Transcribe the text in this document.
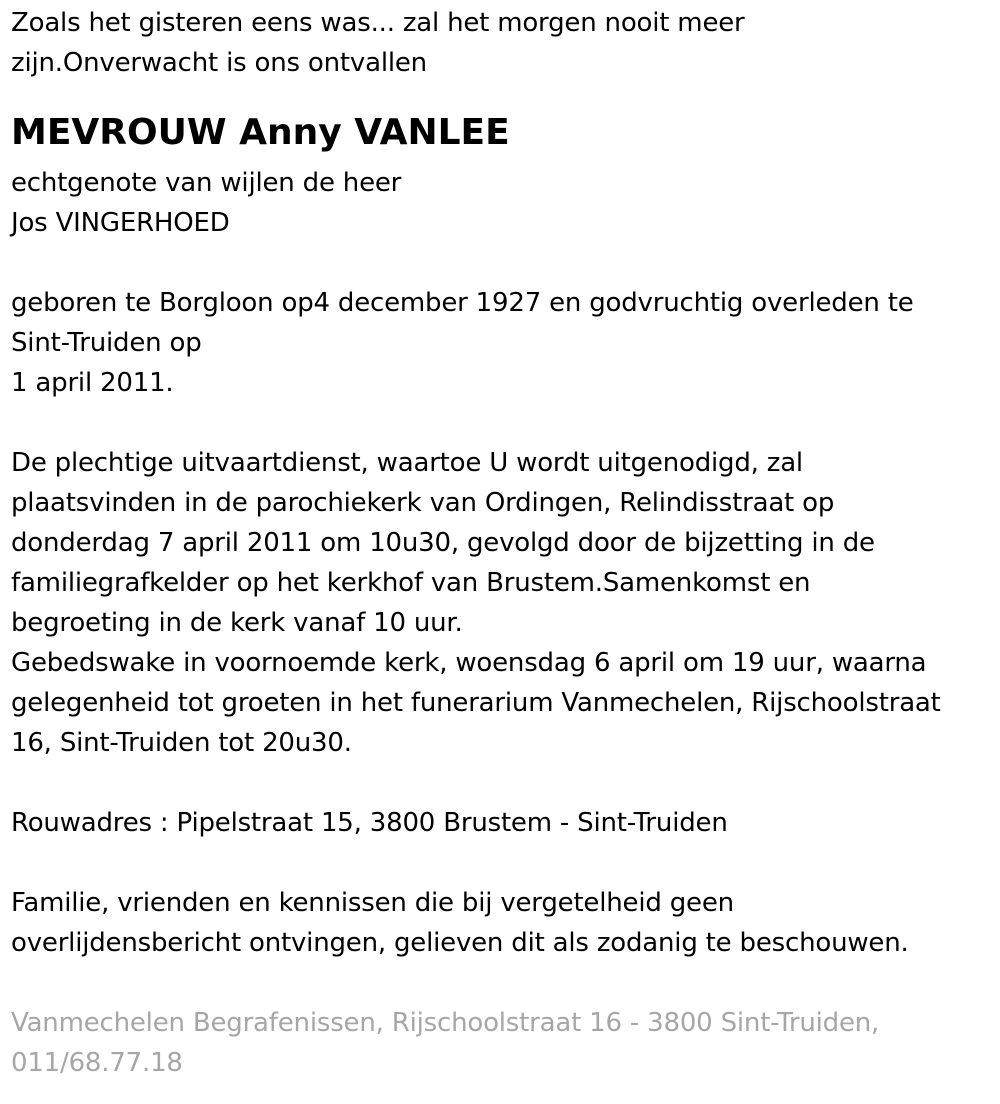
Zoals het gisteren eens was... zal het morgen nooit meer
zijn.Onverwacht is ons ontvallen
MEVROUW Anny VANLEE
echtgenote van wijlen de heer
Jos VINGERHOED
geboren te Borgloon op4 december 1927 en godvruchtig overleden te
Sint-Truiden op
1 april 2011.
De plechtige uitvaartdienst, waartoe U wordt uitgenodigd, zal
plaatsvinden in de parochiekerk van Ordingen, Relindisstraat op
donderdag 7 april 2011 om 10u30, gevolgd door de bijzetting in de
familiegrafkelder op het kerkhof van Brustem.Samenkomst en
begroeting in de kerk vanaf 10 uur.
Gebedswake in voornoemde kerk, woensdag 6 april om 19 uur, waarna
gelegenheid tot groeten in het funerarium Vanmechelen, Rijschoolstraat
16, Sint-Truiden tot 20u30.
Rouwadres : Pipelstraat 15, 3800 Brustem - Sint-Truiden
Familie, vrienden en kennissen die bij vergetelheid geen
overlijdensbericht ontvingen, gelieven dit als zodanig te beschouwen.
Vanmechelen Begrafenissen, Rijschoolstraat 16 - 3800 Sint-Truiden,
011/68.77.18
